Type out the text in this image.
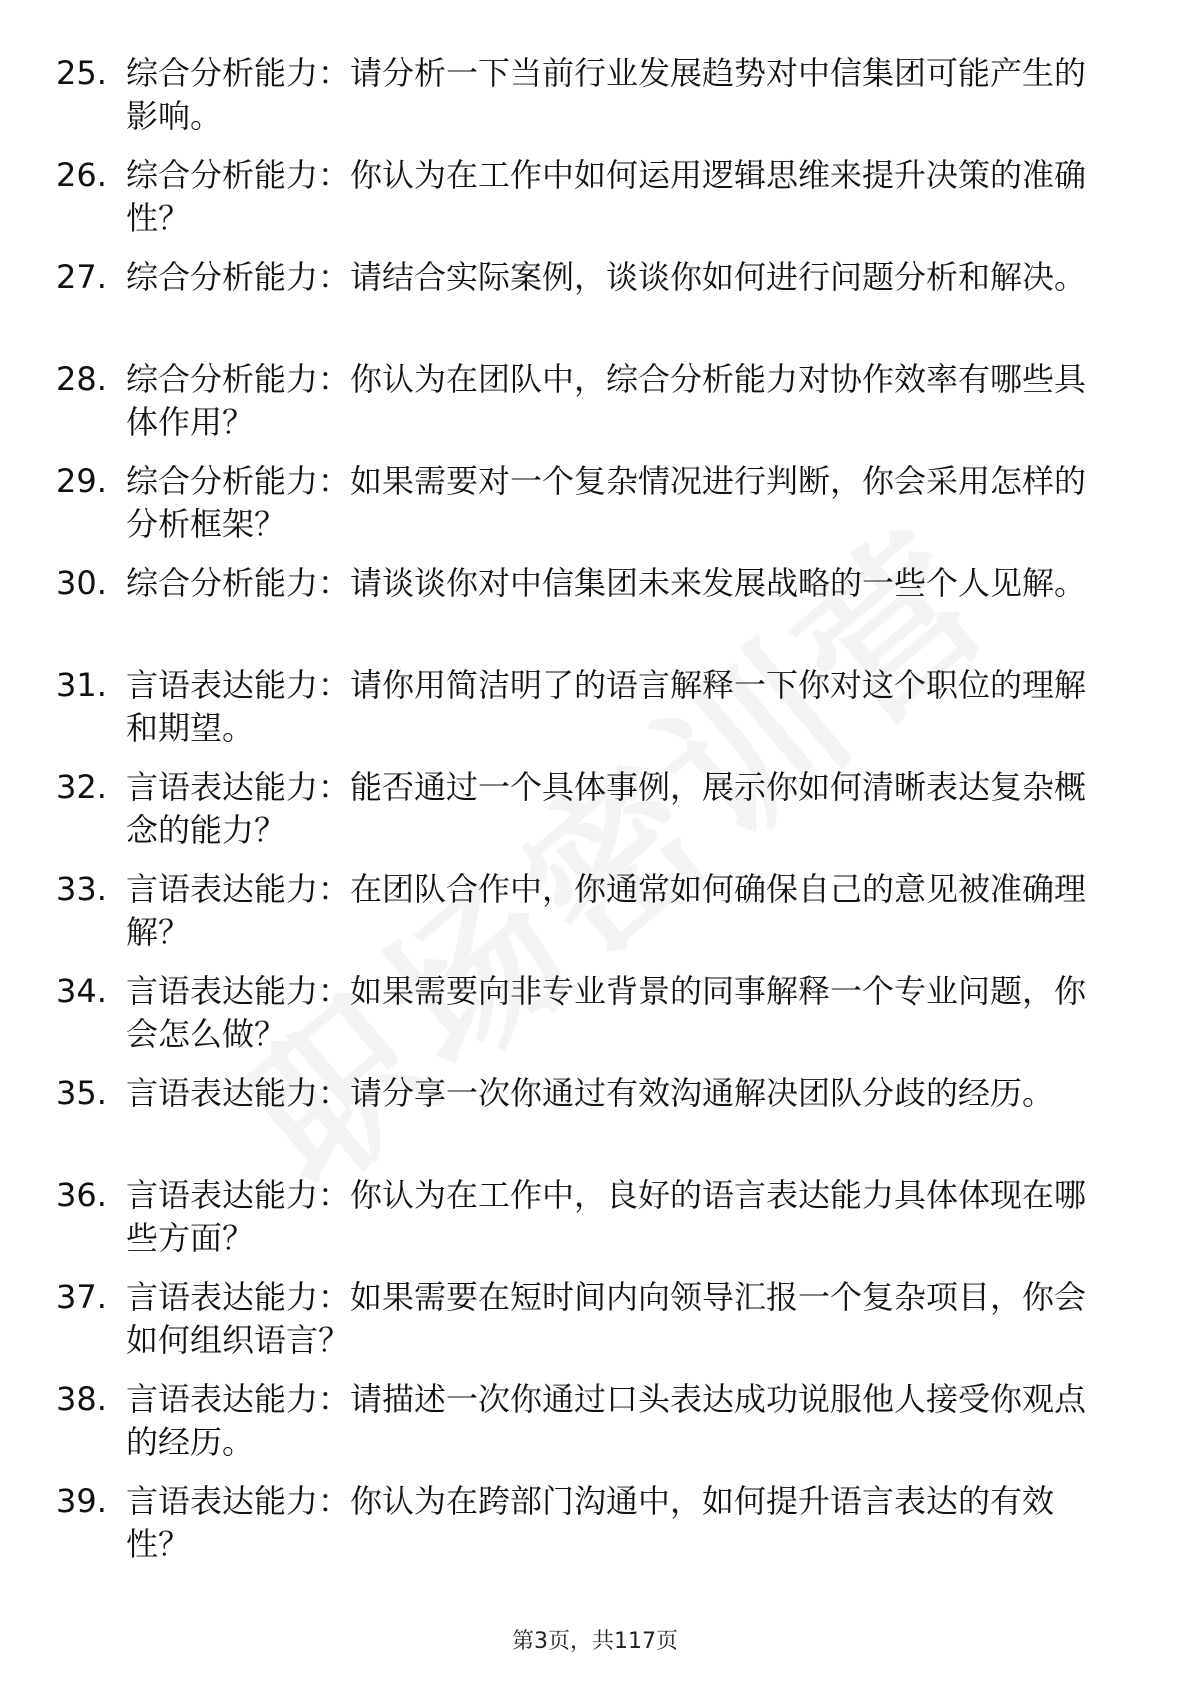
25. 综合分析能力：请分析一下当前行业发展趋势对中信集团可能产生的影响。
26. 综合分析能力：你认为在工作中如何运用逻辑思维来提升决策的准确性？
27. 综合分析能力：请结合实际案例，谈谈你如何进行问题分析和解决。
28. 综合分析能力：你认为在团队中，综合分析能力对协作效率有哪些具体作用？
29. 综合分析能力：如果需要对一个复杂情况进行判断，你会采用怎样的分析框架？
30. 综合分析能力：请谈谈你对中信集团未来发展战略的一些个人见解。
31. 言语表达能力：请你用简洁明了的语言解释一下你对这个职位的理解和期望。
32. 言语表达能力：能否通过一个具体事例，展示你如何清晰表达复杂概念的能力？
33. 言语表达能力：在团队合作中，你通常如何确保自己的意见被准确理解？
34. 言语表达能力：如果需要向非专业背景的同事解释一个专业问题，你会怎么做？
35. 言语表达能力：请分享一次你通过有效沟通解决团队分歧的经历。
36. 言语表达能力：你认为在工作中，良好的语言表达能力具体体现在哪些方面？
37. 言语表达能力：如果需要在短时间内向领导汇报一个复杂项目，你会如何组织语言？
38. 言语表达能力：请描述一次你通过口头表达成功说服他人接受你观点的经历。
39. 言语表达能力：你认为在跨部门沟通中，如何提升语言表达的有效性？
第3页，共117页
